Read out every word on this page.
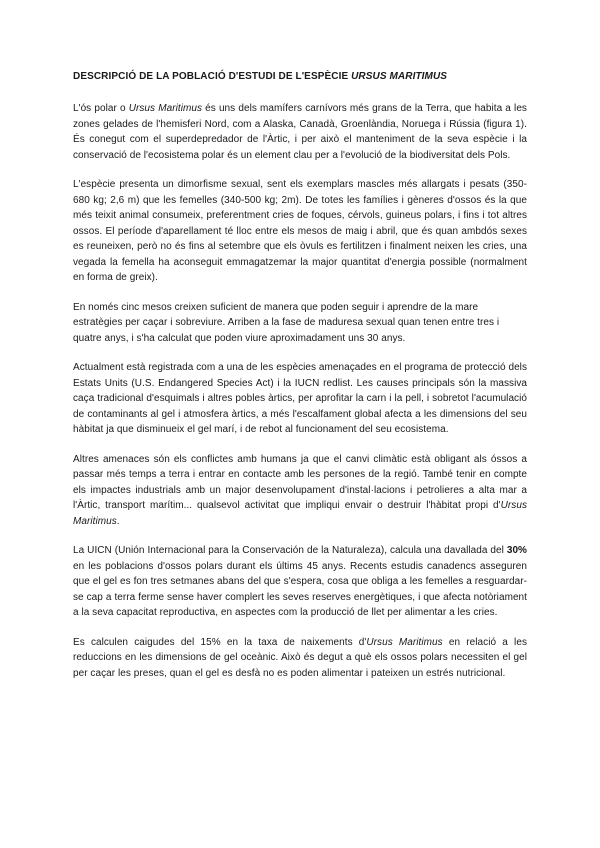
DESCRIPCIÓ DE LA POBLACIÓ D'ESTUDI DE L'ESPÈCIE URSUS MARITIMUS

L'ós polar o Ursus Maritimus és uns dels mamífers carnívors més grans de la Terra, que habita a les zones gelades de l'hemisferi Nord, com a Alaska, Canadà, Groenlàndia, Noruega i Rússia (figura 1). És conegut com el superdepredador de l'Àrtic, i per això el manteniment de la seva espècie i la conservació de l'ecosistema polar és un element clau per a l'evolució de la biodiversitat dels Pols.

L'espècie presenta un dimorfisme sexual, sent els exemplars mascles més allargats i pesats (350-680 kg; 2,6 m) que les femelles (340-500 kg; 2m). De totes les famílies i gèneres d'ossos és la que més teixit animal consumeix, preferentment cries de foques, cérvols, guineus polars, i fins i tot altres ossos. El període d'aparellament té lloc entre els mesos de maig i abril, que és quan ambdós sexes es reuneixen, però no és fins al setembre que els òvuls es fertilitzen i finalment neixen les cries, una vegada la femella ha aconseguit emmagatzemar la major quantitat d'energia possible (normalment en forma de greix).

En només cinc mesos creixen suficient de manera que poden seguir i aprendre de la mare estratègies per caçar i sobreviure. Arriben a la fase de maduresa sexual quan tenen entre tres i quatre anys, i s'ha calculat que poden viure aproximadament uns 30 anys.

Actualment està registrada com a una de les espècies amenaçades en el programa de protecció dels Estats Units (U.S. Endangered Species Act) i la IUCN redlist. Les causes principals són la massiva caça tradicional d'esquimals i altres pobles àrtics, per aprofitar la carn i la pell, i sobretot l'acumulació de contaminants al gel i atmosfera àrtics, a més l'escalfament global afecta a les dimensions del seu hàbitat ja que disminueix el gel marí, i de rebot al funcionament del seu ecosistema.

Altres amenaces són els conflictes amb humans ja que el canvi climàtic està obligant als óssos a passar més temps a terra i entrar en contacte amb les persones de la regió. També tenir en compte els impactes industrials amb un major desenvolupament d'instal·lacions i petrolieres a alta mar a l'Àrtic, transport marítim... qualsevol activitat que impliqui envair o destruir l'hàbitat propi d'Ursus Maritimus.

La UICN (Unión Internacional para la Conservación de la Naturaleza), calcula una davallada del 30% en les poblacions d'ossos polars durant els últims 45 anys. Recents estudis canadencs asseguren que el gel es fon tres setmanes abans del que s'espera, cosa que obliga a les femelles a resguardar-se cap a terra ferme sense haver complert les seves reserves energètiques, i que afecta notòriament a la seva capacitat reproductiva, en aspectes com la producció de llet per alimentar a les cries.

Es calculen caigudes del 15% en la taxa de naixements d'Ursus Maritimus en relació a les reduccions en les dimensions de gel oceànic. Això és degut a què els ossos polars necessiten el gel per caçar les preses, quan el gel es desfà no es poden alimentar i pateixen un estrés nutricional.
